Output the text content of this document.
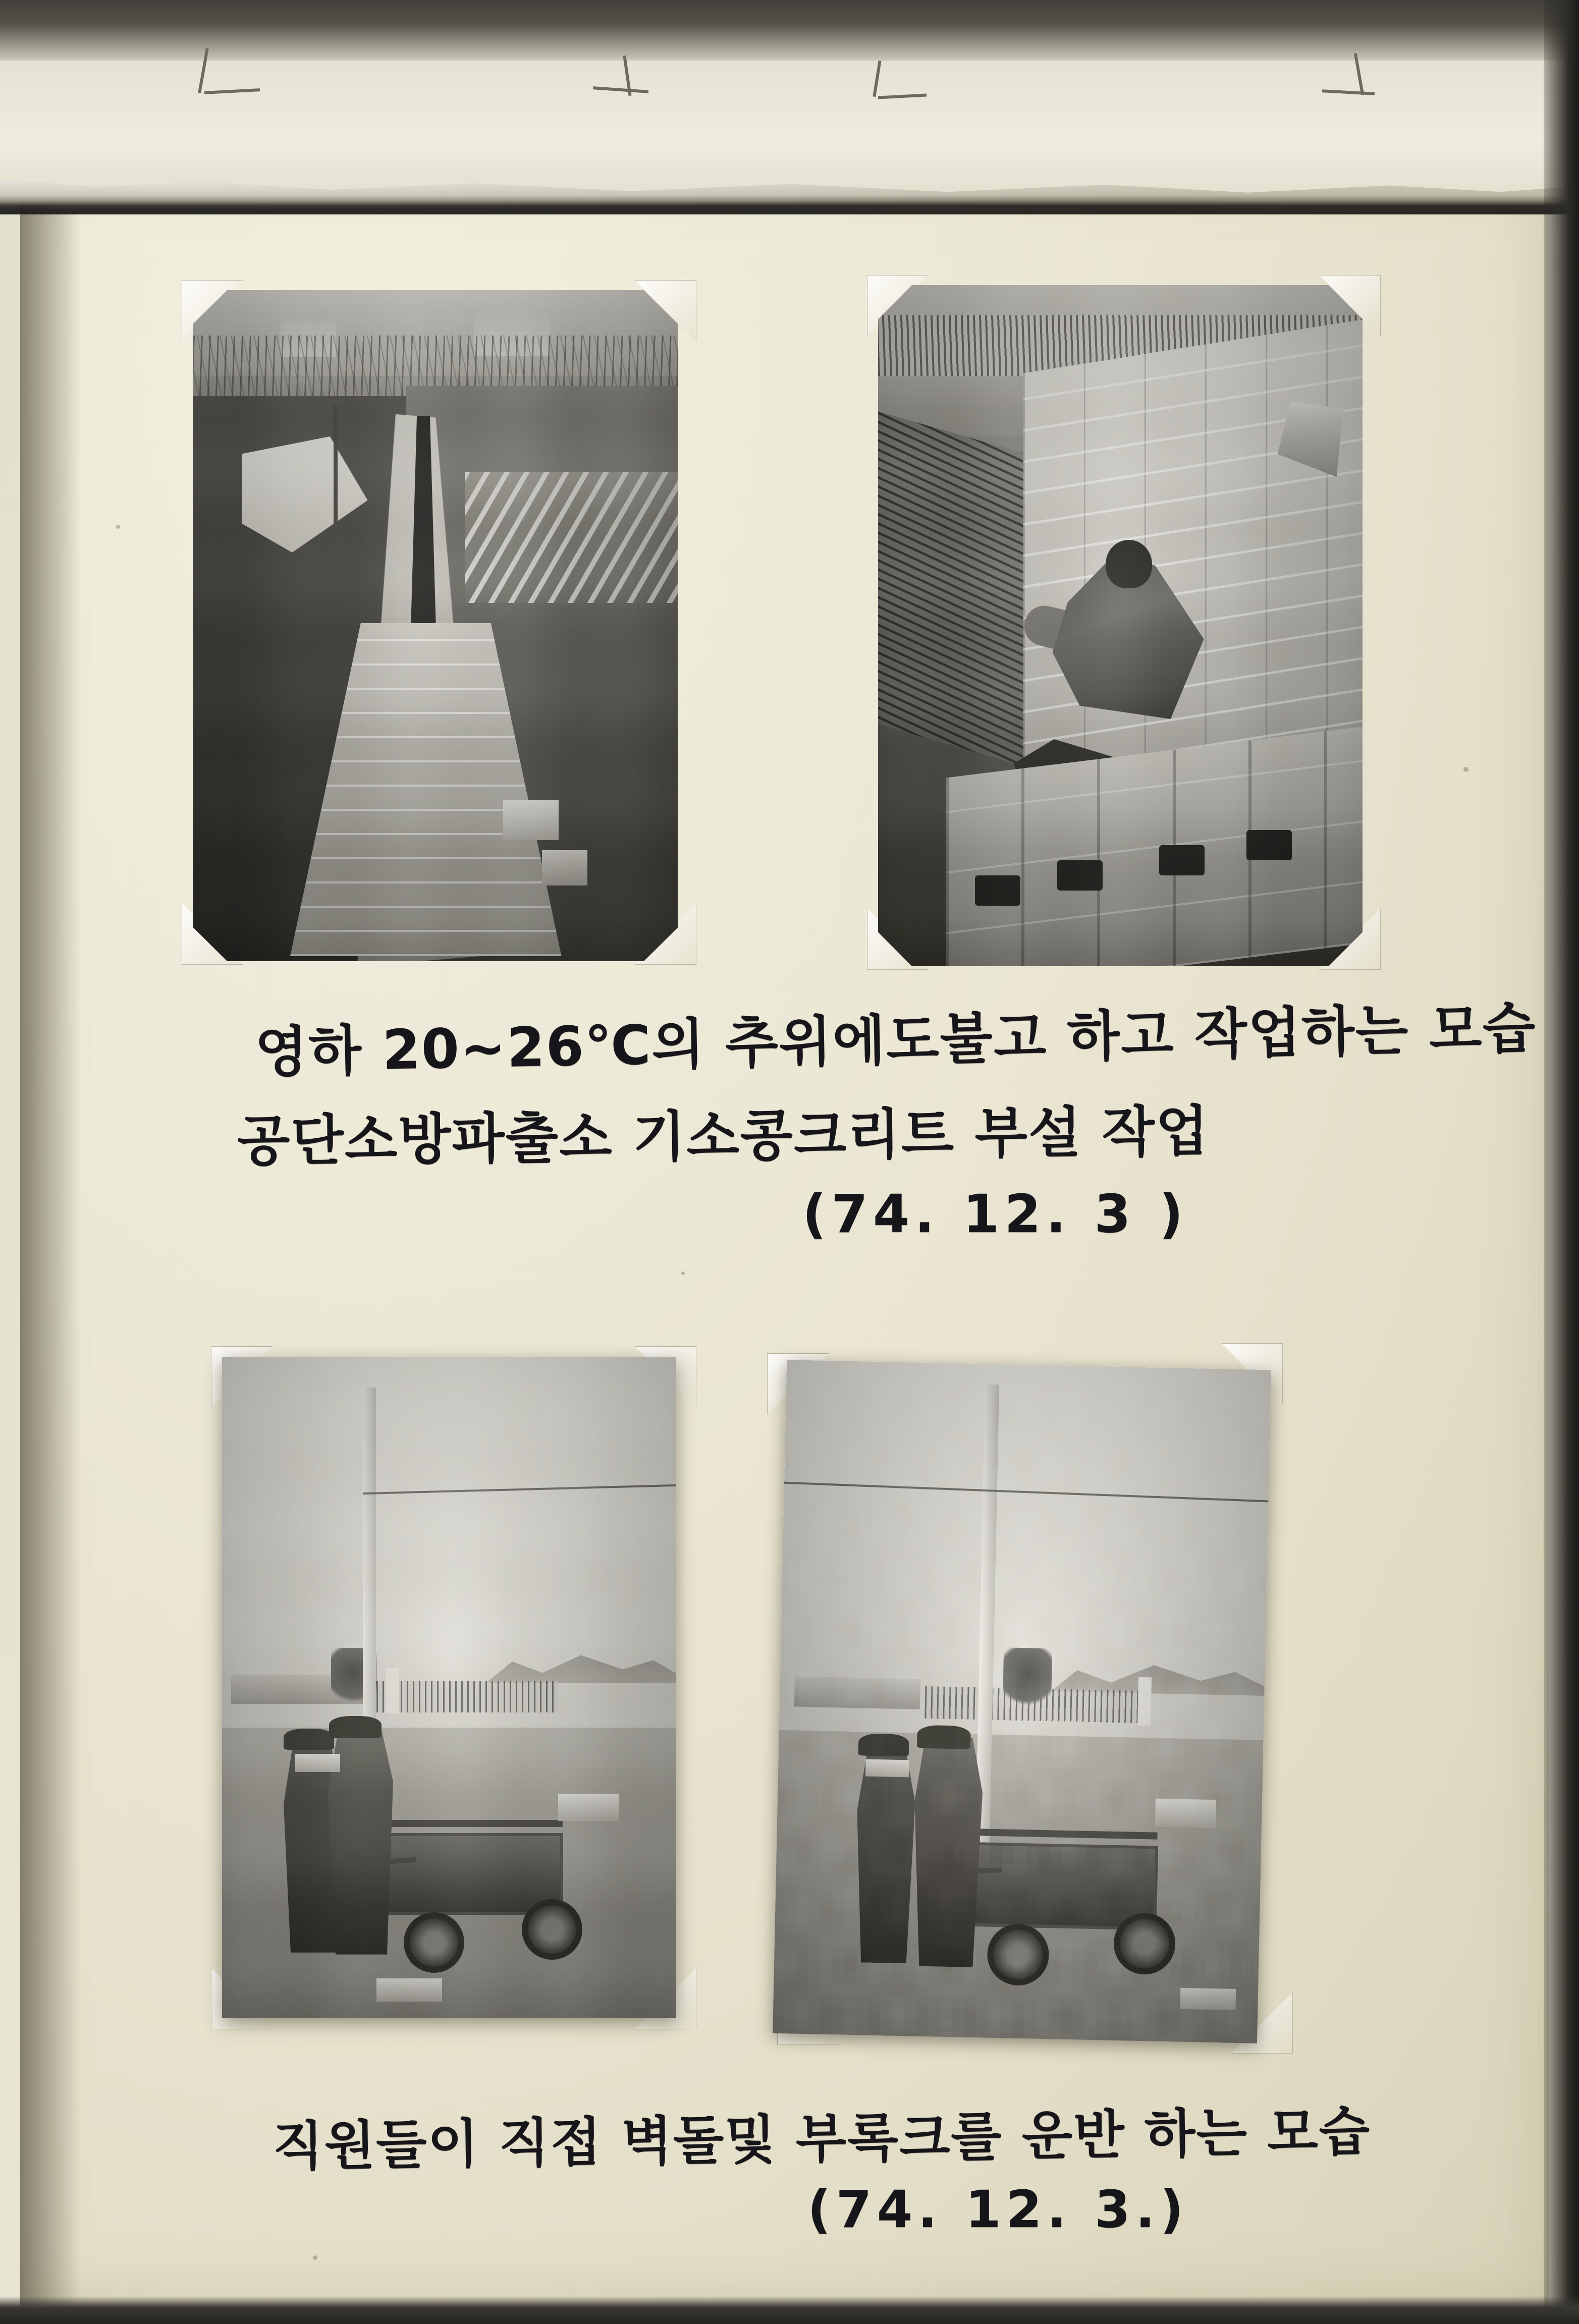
영하 20~26℃의 추위에도불고 하고 작업하는 모습
공단소방파출소 기소콩크리트 부설 작업
(74. 12. 3 )
직원들이 직접 벽돌및 부록크를 운반 하는 모습
(74. 12. 3.)
